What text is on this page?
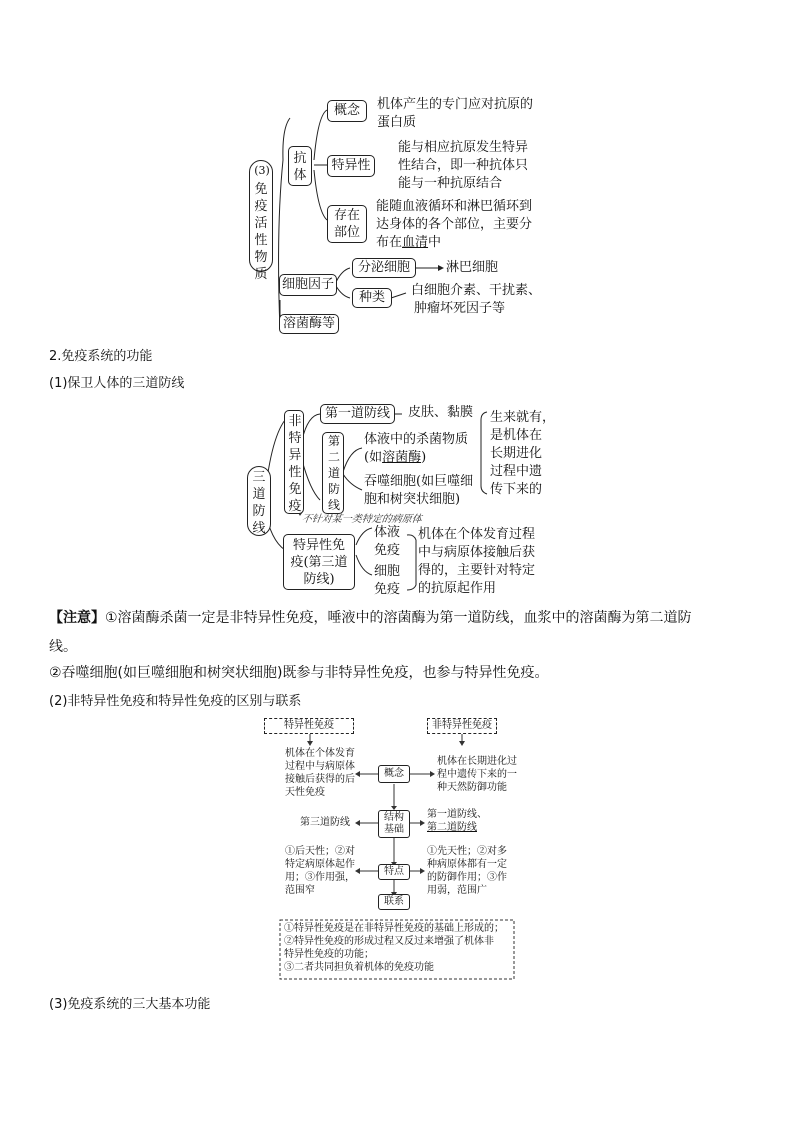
(3)
免疫活性物质
抗体
概念	机体产生的专门应对抗原的
蛋白质
特异性
能与相应抗原发生特异
性结合，即一种抗体只
能与一种抗原结合
存在
部位
能随血液循环和淋巴循环到
达身体的各个部位，主要分
布在血清中
细胞因子
分泌细胞	淋巴细胞
种类	白细胞介素、干扰素、
肿瘤坏死因子等
溶菌酶等
2.免疫系统的功能
(1)保卫人体的三道防线
三道防线
非特异性免疫
第一道防线	皮肤、黏膜
第二道防线
体液中的杀菌物质
(如溶菌酶)
吞噬细胞(如巨噬细
胞和树突状细胞)
生来就有，
是机体在
长期进化
过程中遗
传下来的
不针对某一类特定的病原体
特异性免
疫(第三道
防线)
体液
免疫
细胞
免疫
机体在个体发育过程
中与病原体接触后获
得的，主要针对特定
的抗原起作用
【注意】①溶菌酶杀菌一定是非特异性免疫，唾液中的溶菌酶为第一道防线，血浆中的溶菌酶为第二道防
线。
②吞噬细胞(如巨噬细胞和树突状细胞)既参与非特异性免疫，也参与特异性免疫。
(2)非特异性免疫和特异性免疫的区别与联系
特异性免疫	非特异性免疫
概念
结构
基础
特点
联系
机体在个体发育
过程中与病原体
接触后获得的后
天性免疫
机体在长期进化过
程中遗传下来的一
种天然防御功能
第三道防线
第一道防线、
第二道防线
①后天性；②对
特定病原体起作
用；③作用强，
范围窄
①先天性；②对多
种病原体都有一定
的防御作用；③作
用弱，范围广
①特异性免疫是在非特异性免疫的基础上形成的；
②特异性免疫的形成过程又反过来增强了机体非
特异性免疫的功能；
③二者共同担负着机体的免疫功能
(3)免疫系统的三大基本功能
